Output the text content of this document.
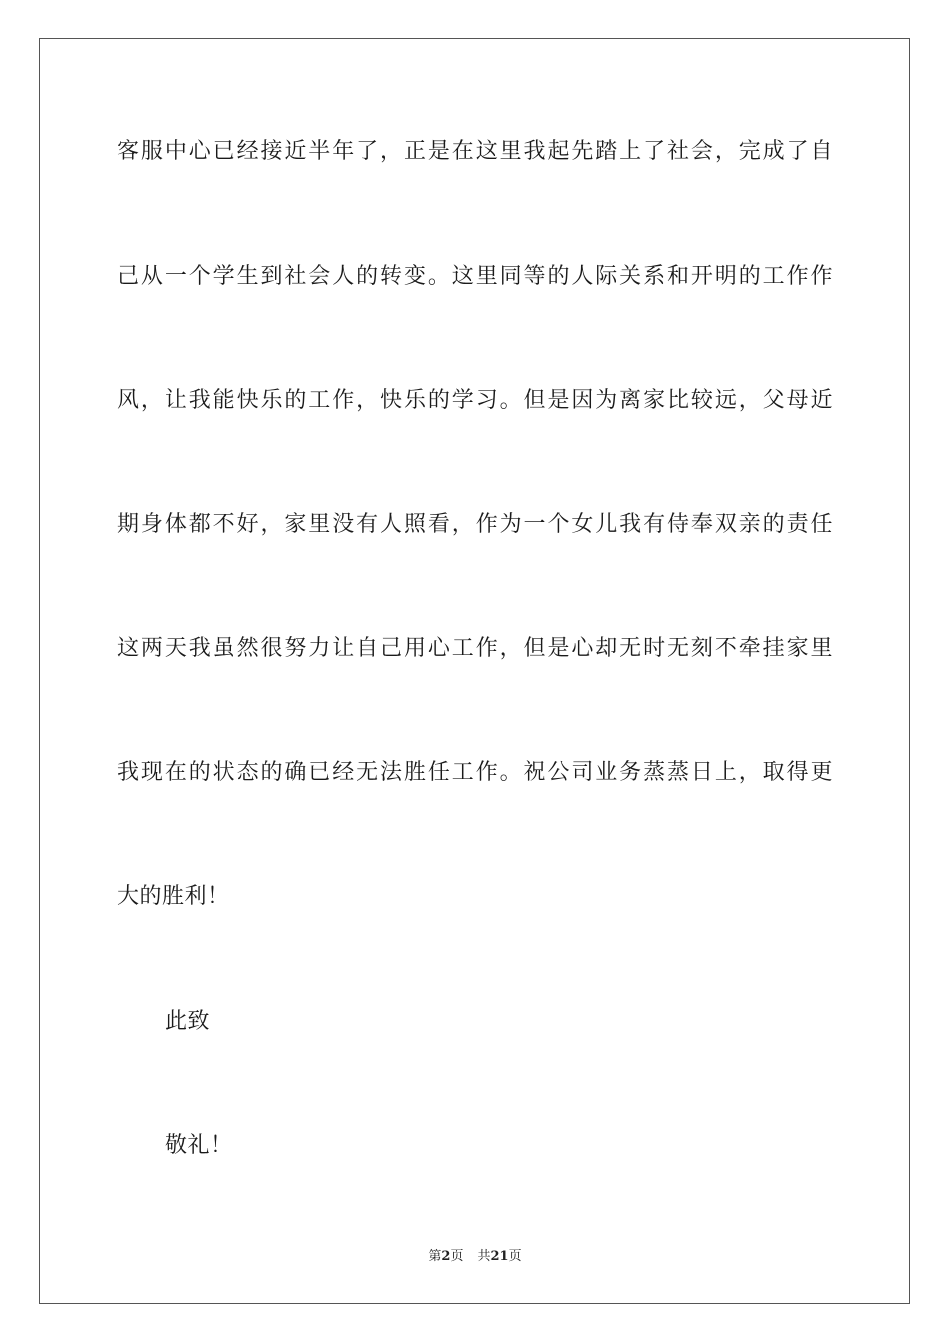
客服中心已经接近半年了，正是在这里我起先踏上了社会，完成了自
己从一个学生到社会人的转变。这里同等的人际关系和开明的工作作
风，让我能快乐的工作，快乐的学习。但是因为离家比较远，父母近
期身体都不好，家里没有人照看，作为一个女儿我有侍奉双亲的责任
这两天我虽然很努力让自己用心工作，但是心却无时无刻不牵挂家里
我现在的状态的确已经无法胜任工作。祝公司业务蒸蒸日上，取得更
大的胜利！
此致
敬礼！
第2页 共21页
